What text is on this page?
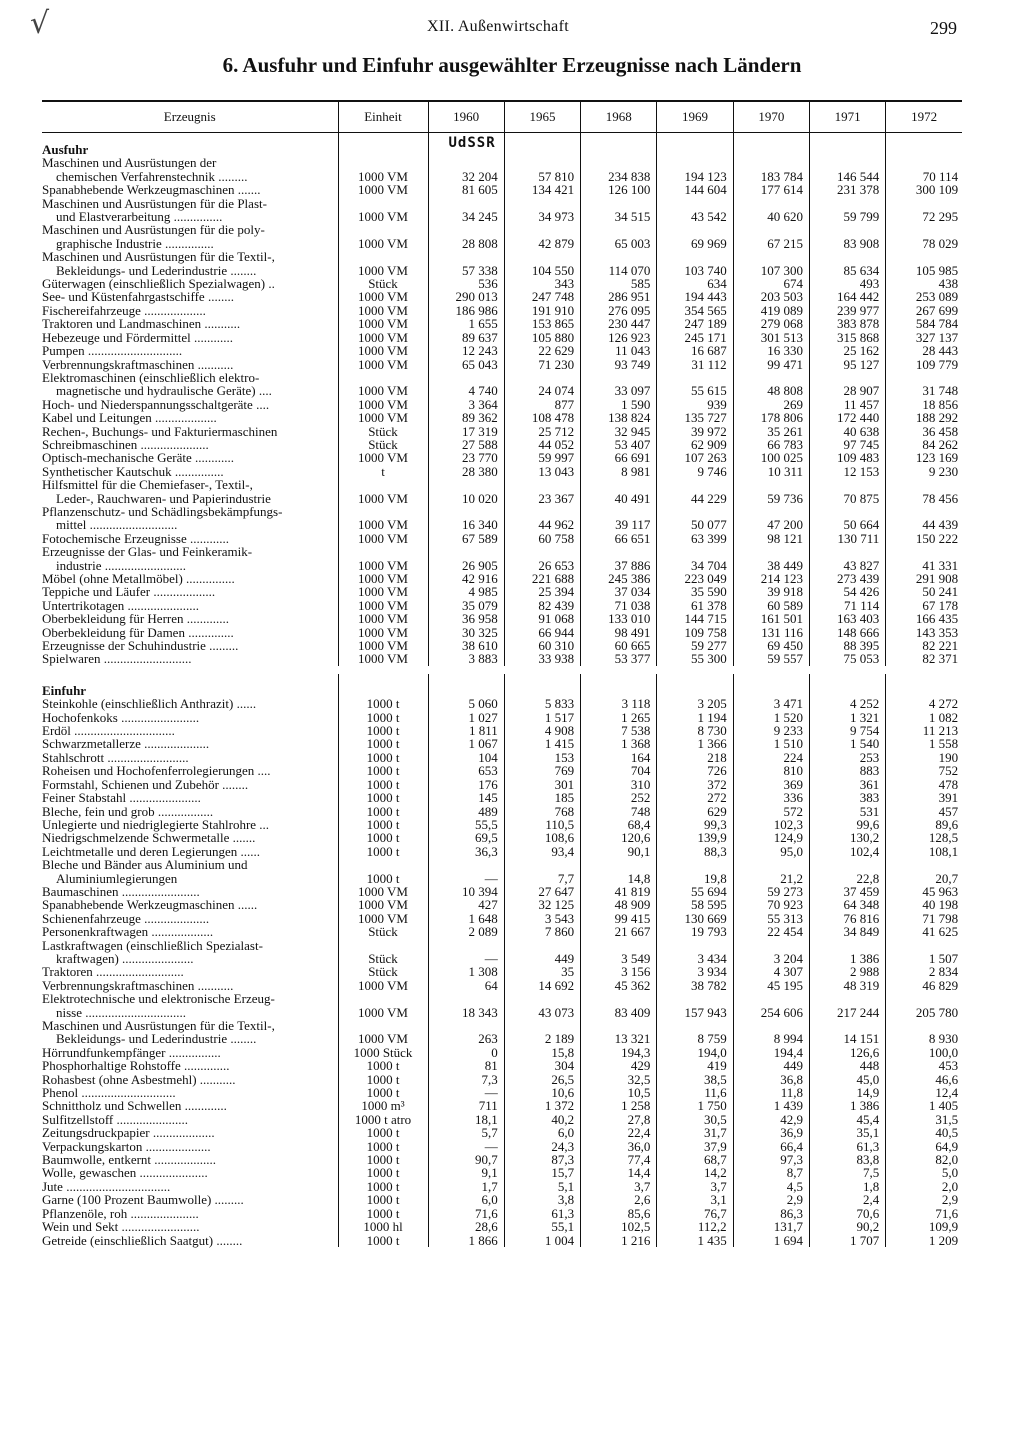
√	XII. Außenwirtschaft	299
6. Ausfuhr und Einfuhr ausgewählter Erzeugnisse nach Ländern
Erzeugnis	Einheit	1960	1965	1968	1969	1970	1971	1972
Ausfuhr		UdSSR						
Maschinen und Ausrüstungen der
chemischen Verfahrenstechnik .........	1000 VM	32 204	57 810	234 838	194 123	183 784	146 544	70 114
Spanabhebende Werkzeugmaschinen .......	1000 VM	81 605	134 421	126 100	144 604	177 614	231 378	300 109
Maschinen und Ausrüstungen für die Plast-
und Elastverarbeitung ...............	1000 VM	34 245	34 973	34 515	43 542	40 620	59 799	72 295
Maschinen und Ausrüstungen für die poly-
graphische Industrie ...............	1000 VM	28 808	42 879	65 003	69 969	67 215	83 908	78 029
Maschinen und Ausrüstungen für die Textil-,
Bekleidungs- und Lederindustrie ........	1000 VM	57 338	104 550	114 070	103 740	107 300	85 634	105 985
Güterwagen (einschließlich Spezialwagen) ..	Stück	536	343	585	634	674	493	438
See- und Küstenfahrgastschiffe ........	1000 VM	290 013	247 748	286 951	194 443	203 503	164 442	253 089
Fischereifahrzeuge ...................	1000 VM	186 986	191 910	276 095	354 565	419 089	239 977	267 699
Traktoren und Landmaschinen ...........	1000 VM	1 655	153 865	230 447	247 189	279 068	383 878	584 784
Hebezeuge und Fördermittel ............	1000 VM	89 637	105 880	126 923	245 171	301 513	315 868	327 137
Pumpen .............................	1000 VM	12 243	22 629	11 043	16 687	16 330	25 162	28 443
Verbrennungskraftmaschinen ...........	1000 VM	65 043	71 230	93 749	31 112	99 471	95 127	109 779
Elektromaschinen (einschließlich elektro-
magnetische und hydraulische Geräte) ....	1000 VM	4 740	24 074	33 097	55 615	48 808	28 907	31 748
Hoch- und Niederspannungsschaltgeräte ....	1000 VM	3 364	877	1 590	939	269	11 457	18 856
Kabel und Leitungen ...................	1000 VM	89 362	108 478	138 824	135 727	178 806	172 440	188 292
Rechen-, Buchungs- und Fakturiermaschinen	Stück	17 319	25 712	32 945	39 972	35 261	40 638	36 458
Schreibmaschinen .....................	Stück	27 588	44 052	53 407	62 909	66 783	97 745	84 262
Optisch-mechanische Geräte ............	1000 VM	23 770	59 997	66 691	107 263	100 025	109 483	123 169
Synthetischer Kautschuk ...............	t	28 380	13 043	8 981	9 746	10 311	12 153	9 230
Hilfsmittel für die Chemiefaser-, Textil-,
Leder-, Rauchwaren- und Papierindustrie	1000 VM	10 020	23 367	40 491	44 229	59 736	70 875	78 456
Pflanzenschutz- und Schädlingsbekämpfungs-
mittel ...........................	1000 VM	16 340	44 962	39 117	50 077	47 200	50 664	44 439
Fotochemische Erzeugnisse ............	1000 VM	67 589	60 758	66 651	63 399	98 121	130 711	150 222
Erzeugnisse der Glas- und Feinkeramik-
industrie .........................	1000 VM	26 905	26 653	37 886	34 704	38 449	43 827	41 331
Möbel (ohne Metallmöbel) ...............	1000 VM	42 916	221 688	245 386	223 049	214 123	273 439	291 908
Teppiche und Läufer ...................	1000 VM	4 985	25 394	37 034	35 590	39 918	54 426	50 241
Untertrikotagen ......................	1000 VM	35 079	82 439	71 038	61 378	60 589	71 114	67 178
Oberbekleidung für Herren .............	1000 VM	36 958	91 068	133 010	144 715	161 501	163 403	166 435
Oberbekleidung für Damen ..............	1000 VM	30 325	66 944	98 491	109 758	131 116	148 666	143 353
Erzeugnisse der Schuhindustrie .........	1000 VM	38 610	60 310	60 665	59 277	69 450	88 395	82 221
Spielwaren ...........................	1000 VM	3 883	33 938	53 377	55 300	59 557	75 053	82 371

Einfuhr								
Steinkohle (einschließlich Anthrazit) ......	1000 t	5 060	5 833	3 118	3 205	3 471	4 252	4 272
Hochofenkoks ........................	1000 t	1 027	1 517	1 265	1 194	1 520	1 321	1 082
Erdöl ...............................	1000 t	1 811	4 908	7 538	8 730	9 233	9 754	11 213
Schwarzmetallerze ....................	1000 t	1 067	1 415	1 368	1 366	1 510	1 540	1 558
Stahlschrott .........................	1000 t	104	153	164	218	224	253	190
Roheisen und Hochofenferrolegierungen ....	1000 t	653	769	704	726	810	883	752
Formstahl, Schienen und Zubehör ........	1000 t	176	301	310	372	369	361	478
Feiner Stabstahl ......................	1000 t	145	185	252	272	336	383	391
Bleche, fein und grob .................	1000 t	489	768	748	629	572	531	457
Unlegierte und niedriglegierte Stahlrohre ...	1000 t	55,5	110,5	68,4	99,3	102,3	99,6	89,6
Niedrigschmelzende Schwermetalle .......	1000 t	69,5	108,6	120,6	139,9	124,9	130,2	128,5
Leichtmetalle und deren Legierungen ......	1000 t	36,3	93,4	90,1	88,3	95,0	102,4	108,1
Bleche und Bänder aus Aluminium und
Aluminiumlegierungen	1000 t	—	7,7	14,8	19,8	21,2	22,8	20,7
Baumaschinen ........................	1000 VM	10 394	27 647	41 819	55 694	59 273	37 459	45 963
Spanabhebende Werkzeugmaschinen ......	1000 VM	427	32 125	48 909	58 595	70 923	64 348	40 198
Schienenfahrzeuge ....................	1000 VM	1 648	3 543	99 415	130 669	55 313	76 816	71 798
Personenkraftwagen ...................	Stück	2 089	7 860	21 667	19 793	22 454	34 849	41 625
Lastkraftwagen (einschließlich Spezialast-
kraftwagen) ......................	Stück	—	449	3 549	3 434	3 204	1 386	1 507
Traktoren ...........................	Stück	1 308	35	3 156	3 934	4 307	2 988	2 834
Verbrennungskraftmaschinen ...........	1000 VM	64	14 692	45 362	38 782	45 195	48 319	46 829
Elektrotechnische und elektronische Erzeug-
nisse ...............................	1000 VM	18 343	43 073	83 409	157 943	254 606	217 244	205 780
Maschinen und Ausrüstungen für die Textil-,
Bekleidungs- und Lederindustrie ........	1000 VM	263	2 189	13 321	8 759	8 994	14 151	8 930
Hörrundfunkempfänger ................	1000 Stück	0	15,8	194,3	194,0	194,4	126,6	100,0
Phosphorhaltige Rohstoffe ..............	1000 t	81	304	429	419	449	448	453
Rohasbest (ohne Asbestmehl) ...........	1000 t	7,3	26,5	32,5	38,5	36,8	45,0	46,6
Phenol .............................	1000 t	—	10,6	10,5	11,6	11,8	14,9	12,4
Schnittholz und Schwellen .............	1000 m³	711	1 372	1 258	1 750	1 439	1 386	1 405
Sulfitzellstoff ......................	1000 t atro	18,1	40,2	27,8	30,5	42,9	45,4	31,5
Zeitungsdruckpapier ...................	1000 t	5,7	6,0	22,4	31,7	36,9	35,1	40,5
Verpackungskarton ....................	1000 t	—	24,3	36,0	37,9	66,4	61,3	64,9
Baumwolle, entkernt ...................	1000 t	90,7	87,3	77,4	68,7	97,3	83,8	82,0
Wolle, gewaschen .....................	1000 t	9,1	15,7	14,4	14,2	8,7	7,5	5,0
Jute ................................	1000 t	1,7	5,1	3,7	3,7	4,5	1,8	2,0
Garne (100 Prozent Baumwolle) .........	1000 t	6,0	3,8	2,6	3,1	2,9	2,4	2,9
Pflanzenöle, roh .....................	1000 t	71,6	61,3	85,6	76,7	86,3	70,6	71,6
Wein und Sekt ........................	1000 hl	28,6	55,1	102,5	112,2	131,7	90,2	109,9
Getreide (einschließlich Saatgut) ........	1000 t	1 866	1 004	1 216	1 435	1 694	1 707	1 209
